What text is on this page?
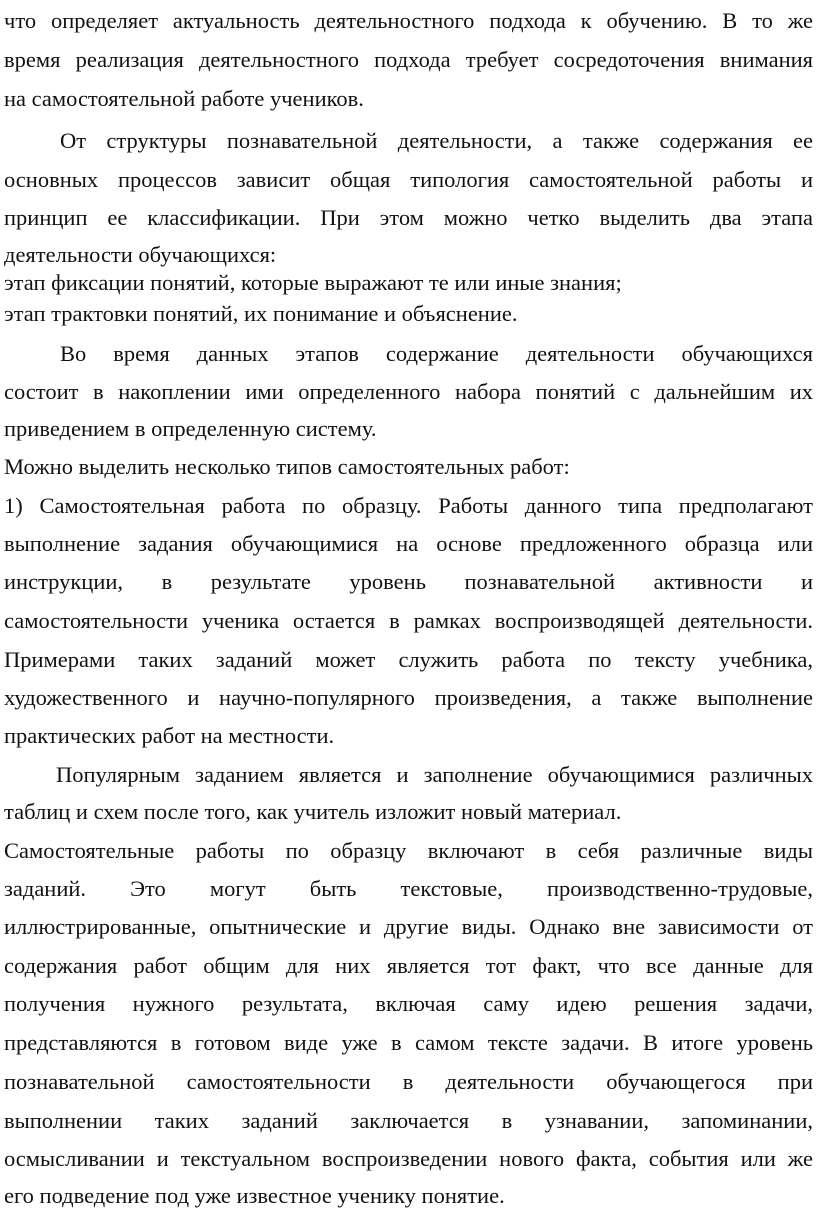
что определяет актуальность деятельностного подхода к обучению. В то же
время реализация деятельностного подхода требует сосредоточения внимания
на самостоятельной работе учеников.
От структуры познавательной деятельности, а также содержания ее
основных процессов зависит общая типология самостоятельной работы и
принцип ее классификации. При этом можно четко выделить два этапа
деятельности обучающихся:
этап фиксации понятий, которые выражают те или иные знания;
этап трактовки понятий, их понимание и объяснение.
Во время данных этапов содержание деятельности обучающихся
состоит в накоплении ими определенного набора понятий с дальнейшим их
приведением в определенную систему.
Можно выделить несколько типов самостоятельных работ:
1) Самостоятельная работа по образцу. Работы данного типа предполагают
выполнение задания обучающимися на основе предложенного образца или
инструкции, в результате уровень познавательной активности и
самостоятельности ученика остается в рамках воспроизводящей деятельности.
Примерами таких заданий может служить работа по тексту учебника,
художественного и научно-популярного произведения, а также выполнение
практических работ на местности.
Популярным заданием является и заполнение обучающимися различных
таблиц и схем после того, как учитель изложит новый материал.
Самостоятельные работы по образцу включают в себя различные виды
заданий. Это могут быть текстовые, производственно-трудовые,
иллюстрированные, опытнические и другие виды. Однако вне зависимости от
содержания работ общим для них является тот факт, что все данные для
получения нужного результата, включая саму идею решения задачи,
представляются в готовом виде уже в самом тексте задачи. В итоге уровень
познавательной самостоятельности в деятельности обучающегося при
выполнении таких заданий заключается в узнавании, запоминании,
осмысливании и текстуальном воспроизведении нового факта, события или же
его подведение под уже известное ученику понятие.
